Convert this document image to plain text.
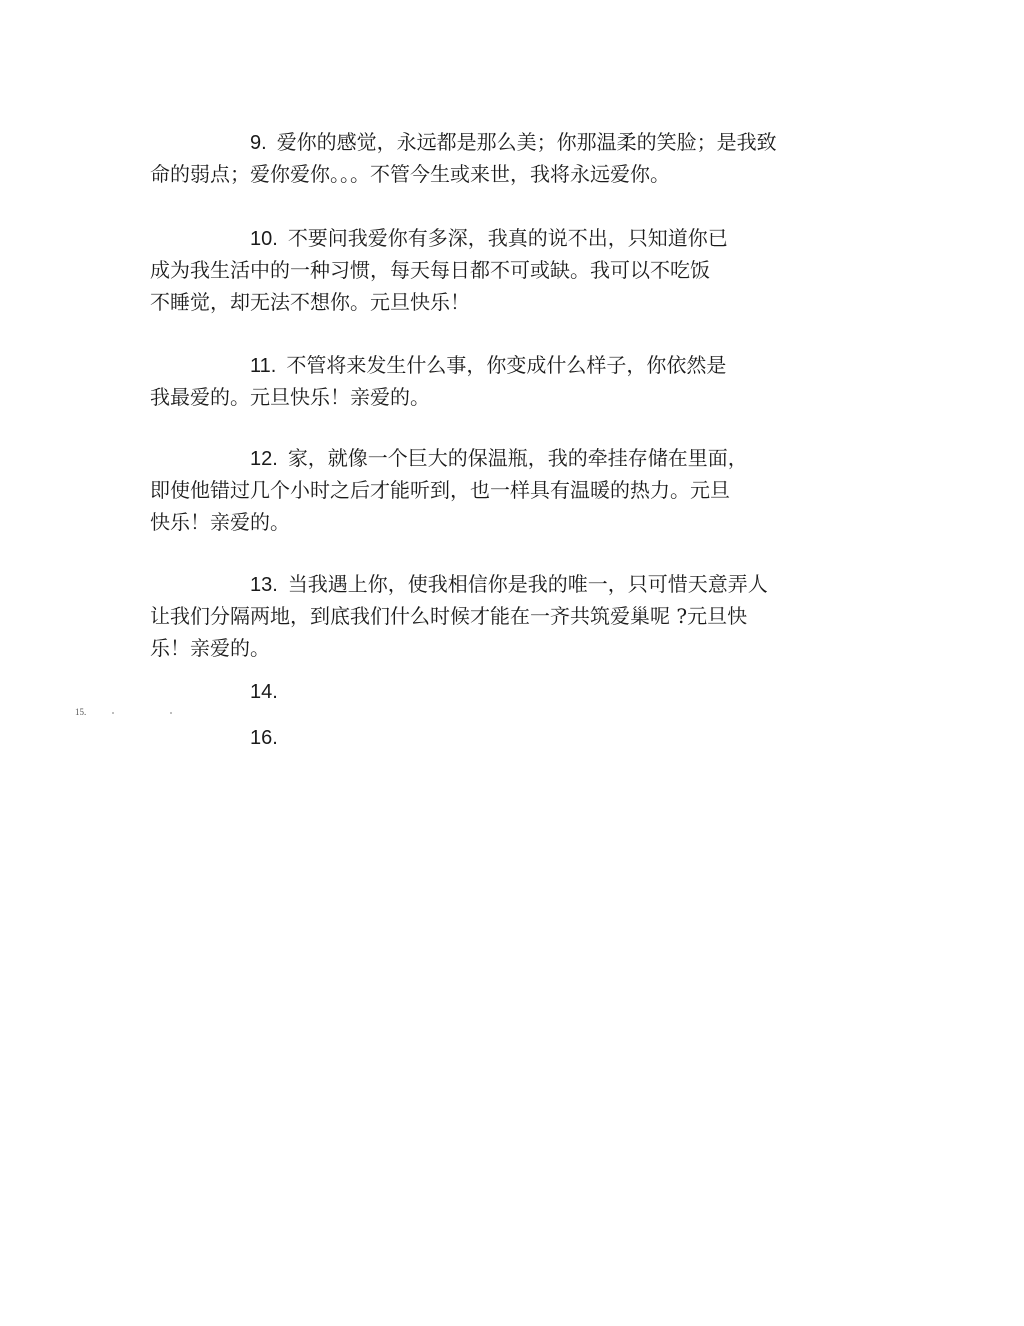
9. 爱你的感觉，永远都是那么美；你那温柔的笑脸；是我致
命的弱点；爱你爱你。。。不管今生或来世，我将永远爱你。
10. 不要问我爱你有多深，我真的说不出，只知道你已
成为我生活中的一种习惯，每天每日都不可或缺。我可以不吃饭
不睡觉，却无法不想你。元旦快乐！
11. 不管将来发生什么事，你变成什么样子，你依然是
我最爱的。元旦快乐！亲爱的。
12. 家，就像一个巨大的保温瓶，我的牵挂存储在里面，
即使他错过几个小时之后才能听到，也一样具有温暖的热力。元旦
快乐！亲爱的。
13. 当我遇上你，使我相信你是我的唯一，只可惜天意弄人
让我们分隔两地，到底我们什么时候才能在一齐共筑爱巢呢 ?元旦快
乐！亲爱的。
14.
15.
16.
